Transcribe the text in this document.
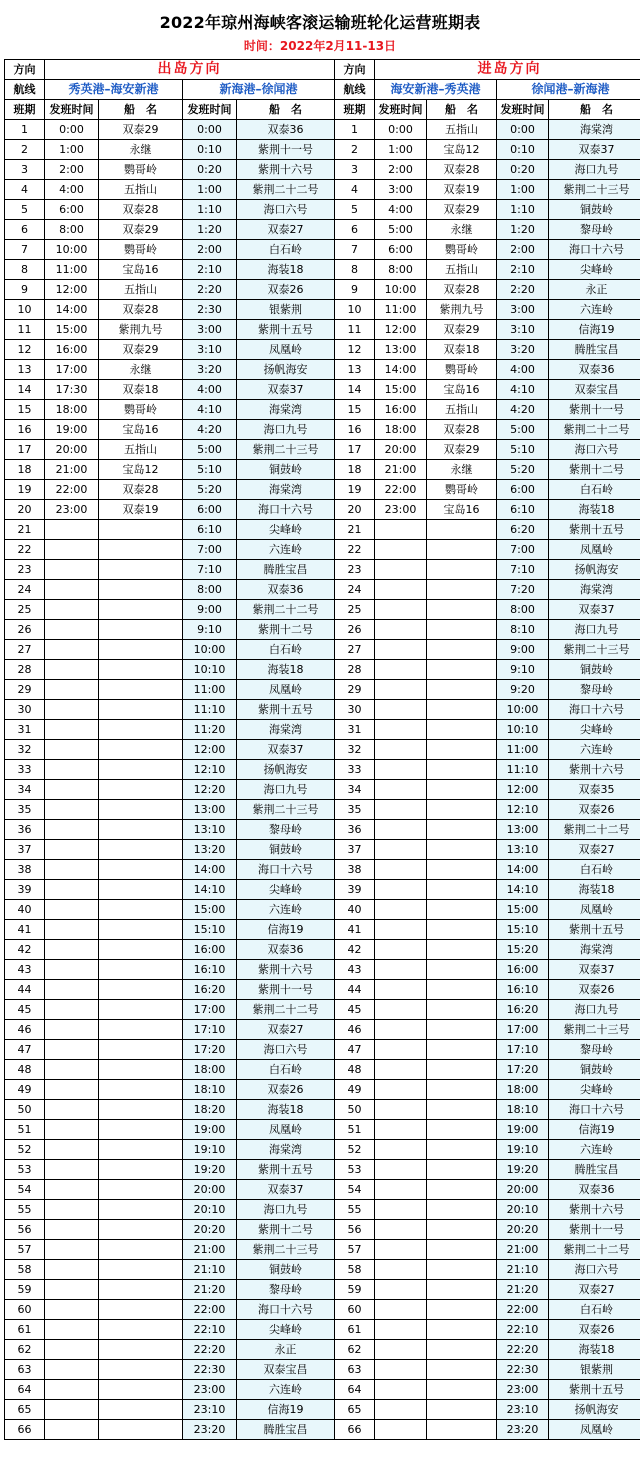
2022年琼州海峡客滚运输班轮化运营班期表
时间：2022年2月11-13日
方向	出岛方向				方向	进岛方向			
航线	秀英港–海安新港		新海港–徐闻港		航线	海安新港–秀英港		徐闻港–新海港	
班期	发班时间	船　名	发班时间	船　名	班期	发班时间	船　名	发班时间	船　名
1	0:00	双泰29	0:00	双泰36	1	0:00	五指山	0:00	海棠湾
2	1:00	永继	0:10	紫荆十一号	2	1:00	宝岛12	0:10	双泰37
3	2:00	鹦哥岭	0:20	紫荆十六号	3	2:00	双泰28	0:20	海口九号
4	4:00	五指山	1:00	紫荆二十二号	4	3:00	双泰19	1:00	紫荆二十三号
5	6:00	双泰28	1:10	海口六号	5	4:00	双泰29	1:10	铜鼓岭
6	8:00	双泰29	1:20	双泰27	6	5:00	永继	1:20	黎母岭
7	10:00	鹦哥岭	2:00	白石岭	7	6:00	鹦哥岭	2:00	海口十六号
8	11:00	宝岛16	2:10	海装18	8	8:00	五指山	2:10	尖峰岭
9	12:00	五指山	2:20	双泰26	9	10:00	双泰28	2:20	永正
10	14:00	双泰28	2:30	银紫荆	10	11:00	紫荆九号	3:00	六连岭
11	15:00	紫荆九号	3:00	紫荆十五号	11	12:00	双泰29	3:10	信海19
12	16:00	双泰29	3:10	凤凰岭	12	13:00	双泰18	3:20	腾胜宝昌
13	17:00	永继	3:20	扬帆海安	13	14:00	鹦哥岭	4:00	双泰36
14	17:30	双泰18	4:00	双泰37	14	15:00	宝岛16	4:10	双泰宝昌
15	18:00	鹦哥岭	4:10	海棠湾	15	16:00	五指山	4:20	紫荆十一号
16	19:00	宝岛16	4:20	海口九号	16	18:00	双泰28	5:00	紫荆二十二号
17	20:00	五指山	5:00	紫荆二十三号	17	20:00	双泰29	5:10	海口六号
18	21:00	宝岛12	5:10	铜鼓岭	18	21:00	永继	5:20	紫荆十二号
19	22:00	双泰28	5:20	海棠湾	19	22:00	鹦哥岭	6:00	白石岭
20	23:00	双泰19	6:00	海口十六号	20	23:00	宝岛16	6:10	海装18
21			6:10	尖峰岭	21			6:20	紫荆十五号
22			7:00	六连岭	22			7:00	凤凰岭
23			7:10	腾胜宝昌	23			7:10	扬帆海安
24			8:00	双泰36	24			7:20	海棠湾
25			9:00	紫荆二十二号	25			8:00	双泰37
26			9:10	紫荆十二号	26			8:10	海口九号
27			10:00	白石岭	27			9:00	紫荆二十三号
28			10:10	海装18	28			9:10	铜鼓岭
29			11:00	凤凰岭	29			9:20	黎母岭
30			11:10	紫荆十五号	30			10:00	海口十六号
31			11:20	海棠湾	31			10:10	尖峰岭
32			12:00	双泰37	32			11:00	六连岭
33			12:10	扬帆海安	33			11:10	紫荆十六号
34			12:20	海口九号	34			12:00	双泰35
35			13:00	紫荆二十三号	35			12:10	双泰26
36			13:10	黎母岭	36			13:00	紫荆二十二号
37			13:20	铜鼓岭	37			13:10	双泰27
38			14:00	海口十六号	38			14:00	白石岭
39			14:10	尖峰岭	39			14:10	海装18
40			15:00	六连岭	40			15:00	凤凰岭
41			15:10	信海19	41			15:10	紫荆十五号
42			16:00	双泰36	42			15:20	海棠湾
43			16:10	紫荆十六号	43			16:00	双泰37
44			16:20	紫荆十一号	44			16:10	双泰26
45			17:00	紫荆二十二号	45			16:20	海口九号
46			17:10	双泰27	46			17:00	紫荆二十三号
47			17:20	海口六号	47			17:10	黎母岭
48			18:00	白石岭	48			17:20	铜鼓岭
49			18:10	双泰26	49			18:00	尖峰岭
50			18:20	海装18	50			18:10	海口十六号
51			19:00	凤凰岭	51			19:00	信海19
52			19:10	海棠湾	52			19:10	六连岭
53			19:20	紫荆十五号	53			19:20	腾胜宝昌
54			20:00	双泰37	54			20:00	双泰36
55			20:10	海口九号	55			20:10	紫荆十六号
56			20:20	紫荆十二号	56			20:20	紫荆十一号
57			21:00	紫荆二十三号	57			21:00	紫荆二十二号
58			21:10	铜鼓岭	58			21:10	海口六号
59			21:20	黎母岭	59			21:20	双泰27
60			22:00	海口十六号	60			22:00	白石岭
61			22:10	尖峰岭	61			22:10	双泰26
62			22:20	永正	62			22:20	海装18
63			22:30	双泰宝昌	63			22:30	银紫荆
64			23:00	六连岭	64			23:00	紫荆十五号
65			23:10	信海19	65			23:10	扬帆海安
66			23:20	腾胜宝昌	66			23:20	凤凰岭
